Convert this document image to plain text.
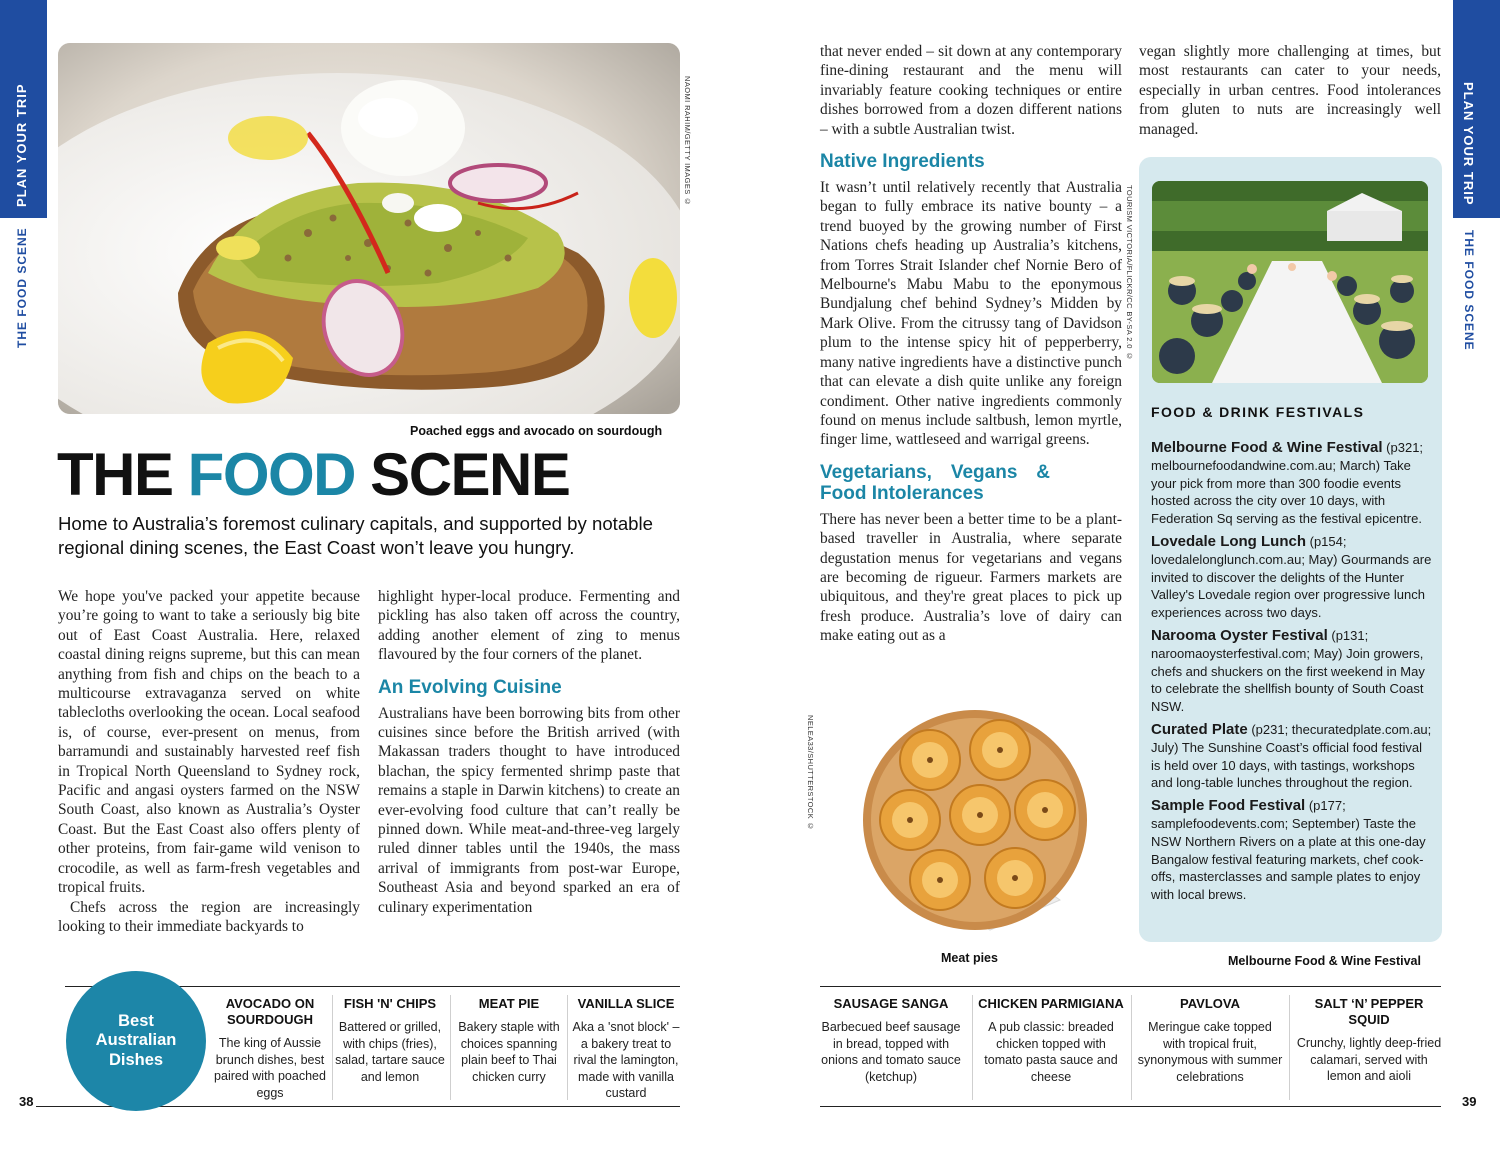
PLAN YOUR TRIP
THE FOOD SCENE
PLAN YOUR TRIP
THE FOOD SCENE
NAOMI RAHIM/GETTY IMAGES ©
Poached eggs and avocado on sourdough
THE FOOD SCENE
Home to Australia’s foremost culinary capitals, and supported by notable regional dining scenes, the East Coast won’t leave you hungry.

We hope you've packed your appetite because you’re going to want to take a seriously big bite out of East Coast Australia. Here, relaxed coastal dining reigns supreme, but this can mean anything from fish and chips on the beach to a multicourse extravaganza served on white tablecloths overlooking the ocean. Local seafood is, of course, ever-present on menus, from barramundi and sustainably harvested reef fish in Tropical North Queensland to Sydney rock, Pacific and angasi oysters farmed on the NSW South Coast, also known as Australia’s Oyster Coast. But the East Coast also offers plenty of other proteins, from fair-game wild venison to crocodile, as well as farm-fresh vegetables and tropical fruits.

Chefs across the region are increasingly looking to their immediate backyards to

highlight hyper-local produce. Fermenting and pickling has also taken off across the country, adding another element of zing to menus flavoured by the four corners of the planet.

An Evolving Cuisine

Australians have been borrowing bits from other cuisines since before the British arrived (with Makassan traders thought to have introduced blachan, the spicy fermented shrimp paste that remains a staple in Darwin kitchens) to create an ever-evolving food culture that can’t really be pinned down. While meat-and-three-veg largely ruled dinner tables until the 1940s, the mass arrival of immigrants from post-war Europe, Southeast Asia and beyond sparked an era of culinary experimentation

that never ended – sit down at any contemporary fine-dining restaurant and the menu will invariably feature cooking techniques or entire dishes borrowed from a dozen different nations – with a subtle Australian twist.

Native Ingredients

It wasn’t until relatively recently that Australia began to fully embrace its native bounty – a trend buoyed by the growing number of First Nations chefs heading up Australia’s kitchens, from Torres Strait Islander chef Nornie Bero of Melbourne's Mabu Mabu to the eponymous Bundjalung chef behind Sydney’s Midden by Mark Olive. From the citrussy tang of Davidson plum to the intense spicy hit of pepperberry, many native ingredients have a distinctive punch that can elevate a dish quite unlike any foreign condiment. Other native ingredients commonly found on menus include saltbush, lemon myrtle, finger lime, wattleseed and warrigal greens.

Vegetarians, Vegans & Food Intolerances

There has never been a better time to be a plant-based traveller in Australia, where separate degustation menus for vegetarians and vegans are becoming de rigueur. Farmers markets are ubiquitous, and they're great places to pick up fresh produce. Australia’s love of dairy can make eating out as a

TOURISM VICTORIA/FLICKR/CC BY-SA 2.0 ©

vegan slightly more challenging at times, but most restaurants can cater to your needs, especially in urban centres. Food intolerances from gluten to nuts are increasingly well managed.

NELEA33/SHUTTERSTOCK ©
Meat pies
FOOD & DRINK FESTIVALS
Melbourne Food & Wine Festival (p321; melbournefoodandwine.com.au; March) Take your pick from more than 300 foodie events hosted across the city over 10 days, with Federation Sq serving as the festival epicentre.
Lovedale Long Lunch (p154; lovedalelonglunch.com.au; May) Gourmands are invited to discover the delights of the Hunter Valley's Lovedale region over progressive lunch experiences across two days.
Narooma Oyster Festival (p131; naroomaoysterfestival.com; May) Join growers, chefs and shuckers on the first weekend in May to celebrate the shellfish bounty of South Coast NSW.
Curated Plate (p231; thecuratedplate.com.au; July) The Sunshine Coast’s official food festival is held over 10 days, with tastings, workshops and long-table lunches throughout the region.
Sample Food Festival (p177; samplefoodevents.com; September) Taste the NSW Northern Rivers on a plate at this one-day Bangalow festival featuring markets, chef cook-offs, masterclasses and sample plates to enjoy with local brews.
Melbourne Food & Wine Festival
Best Australian Dishes
AVOCADO ON SOURDOUGH
The king of Aussie brunch dishes, best paired with poached eggs
FISH 'N' CHIPS
Battered or grilled, with chips (fries), salad, tartare sauce and lemon
MEAT PIE
Bakery staple with choices spanning plain beef to Thai chicken curry
VANILLA SLICE
Aka a 'snot block' – a bakery treat to rival the lamington, made with vanilla custard
SAUSAGE SANGA
Barbecued beef sausage in bread, topped with onions and tomato sauce (ketchup)
CHICKEN PARMIGIANA
A pub classic: breaded chicken topped with tomato pasta sauce and cheese
PAVLOVA
Meringue cake topped with tropical fruit, synonymous with summer celebrations
SALT ‘N’ PEPPER SQUID
Crunchy, lightly deep-fried calamari, served with lemon and aioli
38	39
